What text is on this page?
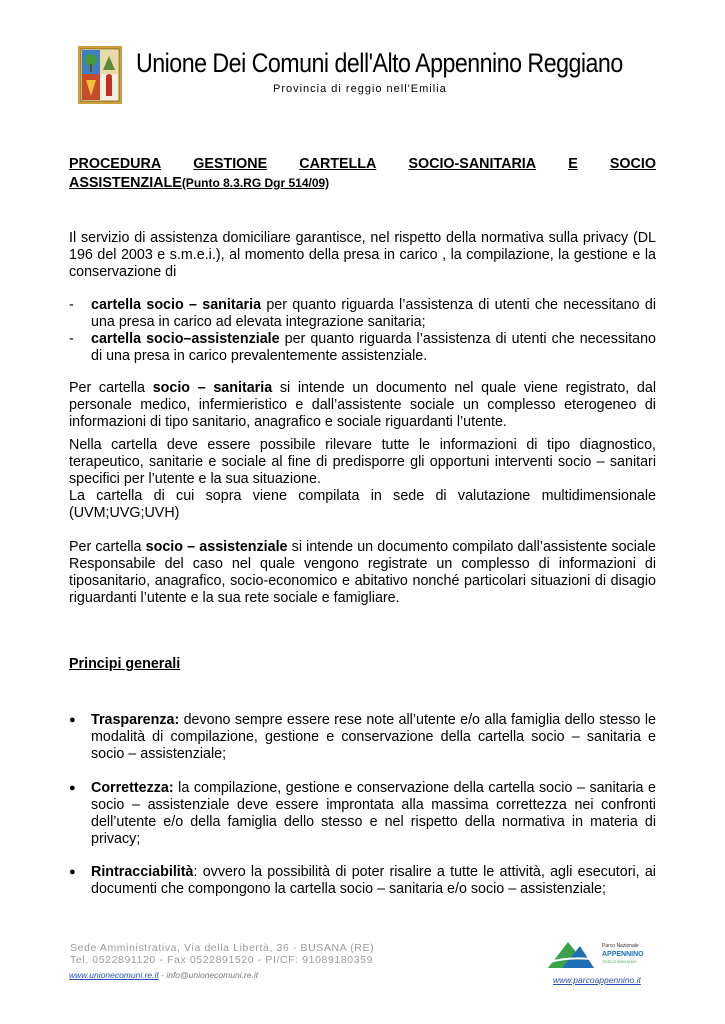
Unione Dei Comuni dell'Alto Appennino Reggiano
Provincia di reggio nell'Emilia
PROCEDURA GESTIONE CARTELLA SOCIO-SANITARIA E SOCIO
ASSISTENZIALE(Punto 8.3.RG Dgr 514/09)

Il servizio di assistenza domiciliare garantisce, nel rispetto della normativa sulla privacy (DL 196 del 2003 e s.m.e.i.), al momento della presa in carico , la compilazione, la gestione e la conservazione di

-	cartella socio – sanitaria per quanto riguarda l’assistenza di utenti che necessitano di una presa in carico ad elevata integrazione sanitaria;
-	cartella socio–assistenziale per quanto riguarda l’assistenza di utenti che necessitano di una presa in carico prevalentemente assistenziale.

Per cartella socio – sanitaria si intende un documento nel quale viene registrato, dal personale medico, infermieristico e dall’assistente sociale un complesso eterogeneo di informazioni di tipo sanitario, anagrafico e sociale riguardanti l’utente.

Nella cartella deve essere possibile rilevare tutte le informazioni di tipo diagnostico, terapeutico, sanitarie e sociale al fine di predisporre gli opportuni interventi socio – sanitari specifici per l’utente e la sua situazione.

La cartella di cui sopra viene compilata in sede di valutazione multidimensionale (UVM;UVG;UVH)

Per cartella socio – assistenziale si intende un documento compilato dall’assistente sociale Responsabile del caso nel quale vengono registrate un complesso di informazioni di tiposanitario, anagrafico, socio-economico e abitativo nonché particolari situazioni di disagio riguardanti l’utente e la sua rete sociale e famigliare.

Principi generali
●	Trasparenza: devono sempre essere rese note all’utente e/o alla famiglia dello stesso le modalità di compilazione, gestione e conservazione della cartella socio – sanitaria e socio – assistenziale;
●	Correttezza: la compilazione, gestione e conservazione della cartella socio – sanitaria e socio – assistenziale deve essere improntata alla massima correttezza nei confronti dell’utente e/o della famiglia dello stesso e nel rispetto della normativa in materia di privacy;
●	Rintracciabilità: ovvero la possibilità di poter risalire a tutte le attività, agli esecutori, ai documenti che compongono la cartella socio – sanitaria e/o socio – assistenziale;
Sede Amministrativa, Via della Libertà, 36 - BUSANA (RE)
Tel. 0522891120 - Fax 0522891520 - PI/CF: 91089180359
www.unionecomuni.re.it - info@unionecomuni.re.it
Parco Nazionale
APPENNINO
TOSCO-EMILIANO
www.parcoappennino.it
